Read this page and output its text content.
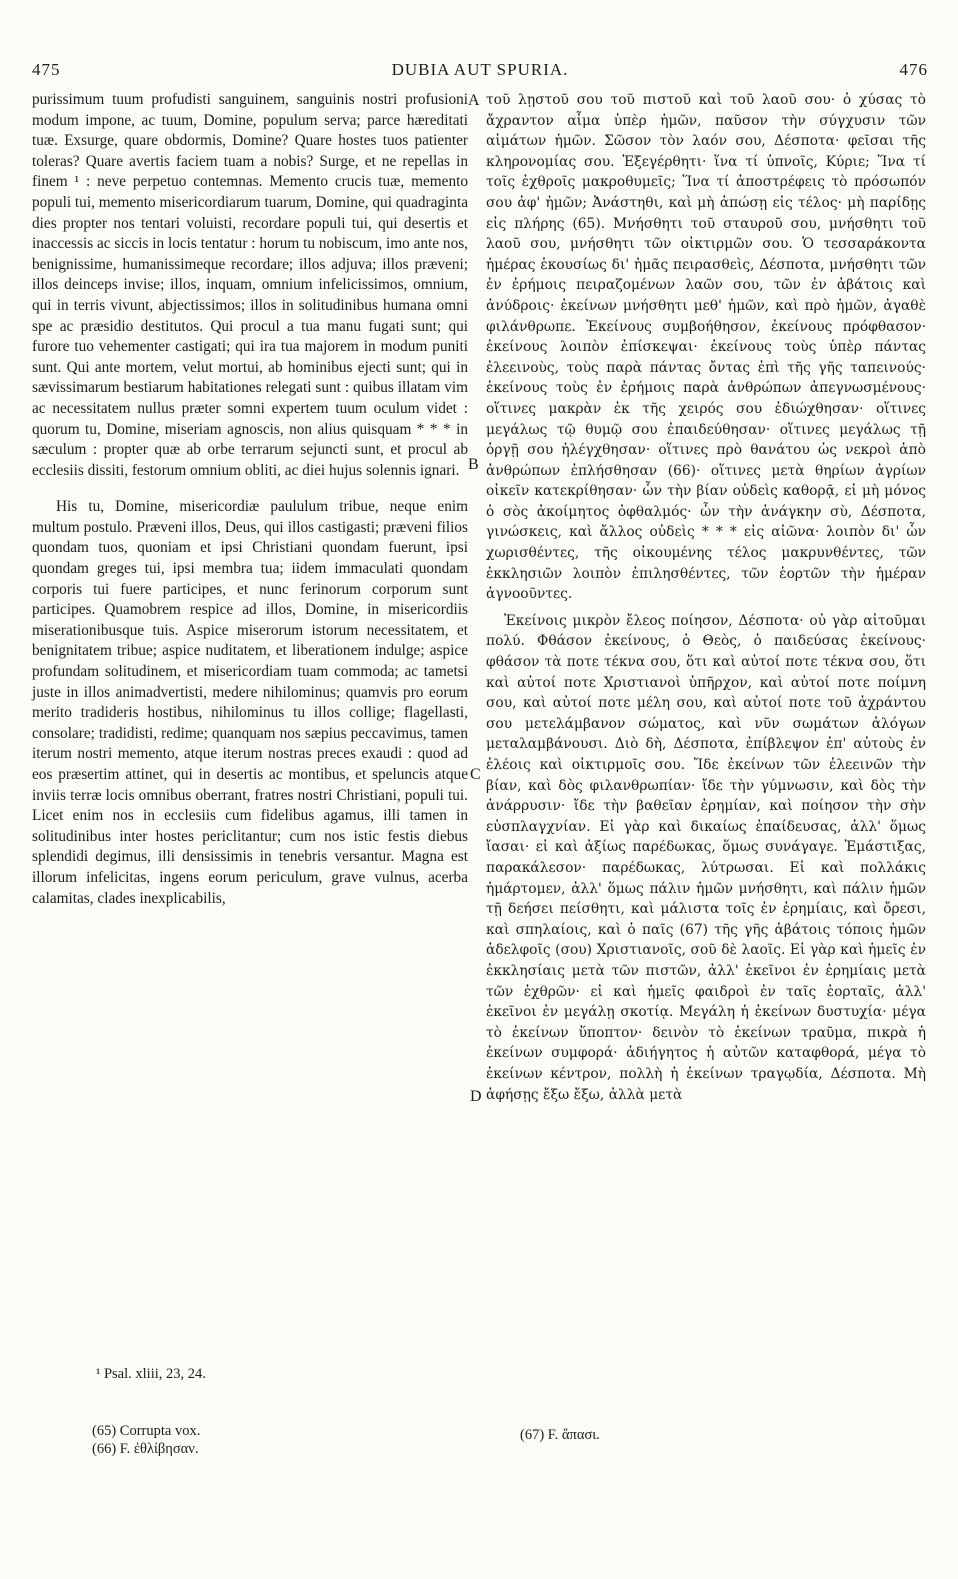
475	DUBIA AUT SPURIA.	476

purissimum tuum profudisti sanguinem, sanguinis nostri profusioni modum impone, ac tuum, Domine, populum serva; parce hæreditati tuæ. Exsurge, quare obdormis, Domine? Quare hostes tuos patienter toleras? Quare avertis faciem tuam a nobis? Surge, et ne repellas in finem ¹ : neve perpetuo contemnas. Memento crucis tuæ, memento populi tui, memento misericordiarum tuarum, Domine, qui quadraginta dies propter nos tentari voluisti, recordare populi tui, qui desertis et inaccessis ac siccis in locis tentatur : horum tu nobiscum, imo ante nos, benignissime, humanissimeque recordare; illos adjuva; illos præveni; illos deinceps invise; illos, inquam, omnium infelicissimos, omnium, qui in terris vivunt, abjectissimos; illos in solitudinibus humana omni spe ac præsidio destitutos. Qui procul a tua manu fugati sunt; qui furore tuo vehementer castigati; qui ira tua majorem in modum puniti sunt. Qui ante mortem, velut mortui, ab hominibus ejecti sunt; qui in sævissimarum bestiarum habitationes relegati sunt : quibus illatam vim ac necessitatem nullus præter somni expertem tuum oculum videt : quorum tu, Domine, miseriam agnoscis, non alius quisquam * * * in sæculum : propter quæ ab orbe terrarum sejuncti sunt, et procul ab ecclesiis dissiti, festorum omnium obliti, ac diei hujus solennis ignari.

His tu, Domine, misericordiæ paululum tribue, neque enim multum postulo. Præveni illos, Deus, qui illos castigasti; præveni filios quondam tuos, quoniam et ipsi Christiani quondam fuerunt, ipsi quondam greges tui, ipsi membra tua; iidem immaculati quondam corporis tui fuere participes, et nunc ferinorum corporum sunt participes. Quamobrem respice ad illos, Domine, in misericordiis miserationibusque tuis. Aspice miserorum istorum necessitatem, et benignitatem tribue; aspice nuditatem, et liberationem indulge; aspice profundam solitudinem, et misericordiam tuam commoda; ac tametsi juste in illos animadvertisti, medere nihilominus; quamvis pro eorum merito tradideris hostibus, nihilominus tu illos collige; flagellasti, consolare; tradidisti, redime; quanquam nos sæpius peccavimus, tamen iterum nostri memento, atque iterum nostras preces exaudi : quod ad eos præsertim attinet, qui in desertis ac montibus, et speluncis atque inviis terræ locis omnibus oberrant, fratres nostri Christiani, populi tui. Licet enim nos in ecclesiis cum fidelibus agamus, illi tamen in solitudinibus inter hostes periclitantur; cum nos istic festis diebus splendidi degimus, illi densissimis in tenebris versantur. Magna est illorum infelicitas, ingens eorum periculum, grave vulnus, acerba calamitas, clades inexplicabilis,

A
B
C
D

τοῦ λῃστοῦ σου τοῦ πιστοῦ καὶ τοῦ λαοῦ σου· ὁ χύσας τὸ ἄχραντον αἷμα ὑπὲρ ἡμῶν, παῦσον τὴν σύγχυσιν τῶν αἱμάτων ἡμῶν. Σῶσον τὸν λαόν σου, Δέσποτα· φεῖσαι τῆς κληρονομίας σου. Ἐξεγέρθητι· ἵνα τί ὑπνοῖς, Κύριε; Ἵνα τί τοῖς ἐχθροῖς μακροθυμεῖς; Ἵνα τί ἀποστρέφεις τὸ πρόσωπόν σου ἀφ' ἡμῶν; Ἀνάστηθι, καὶ μὴ ἀπώσῃ εἰς τέλος· μὴ παρίδῃς εἰς πλήρης (65). Μνήσθητι τοῦ σταυροῦ σου, μνήσθητι τοῦ λαοῦ σου, μνήσθητι τῶν οἰκτιρμῶν σου. Ὁ τεσσαράκοντα ἡμέρας ἑκουσίως δι' ἡμᾶς πειρασθεὶς, Δέσποτα, μνήσθητι τῶν ἐν ἐρήμοις πειραζομένων λαῶν σου, τῶν ἐν ἀβάτοις καὶ ἀνύδροις· ἐκείνων μνήσθητι μεθ' ἡμῶν, καὶ πρὸ ἡμῶν, ἀγαθὲ φιλάνθρωπε. Ἐκείνους συμβοήθησον, ἐκείνους πρόφθασον· ἐκείνους λοιπὸν ἐπίσκεψαι· ἐκείνους τοὺς ὑπὲρ πάντας ἐλεεινοὺς, τοὺς παρὰ πάντας ὄντας ἐπὶ τῆς γῆς ταπεινούς· ἐκείνους τοὺς ἐν ἐρήμοις παρὰ ἀνθρώπων ἀπεγνωσμένους· οἵτινες μακρὰν ἐκ τῆς χειρός σου ἐδιώχθησαν· οἵτινες μεγάλως τῷ θυμῷ σου ἐπαιδεύθησαν· οἵτινες μεγάλως τῇ ὀργῇ σου ἠλέγχθησαν· οἵτινες πρὸ θανάτου ὡς νεκροὶ ἀπὸ ἀνθρώπων ἐπλήσθησαν (66)· οἵτινες μετὰ θηρίων ἀγρίων οἰκεῖν κατεκρίθησαν· ὧν τὴν βίαν οὐδεὶς καθορᾷ, εἰ μὴ μόνος ὁ σὸς ἀκοίμητος ὀφθαλμός· ὧν τὴν ἀνάγκην σὺ, Δέσποτα, γινώσκεις, καὶ ἄλλος οὐδεὶς * * * εἰς αἰῶνα· λοιπὸν δι' ὧν χωρισθέντες, τῆς οἰκουμένης τέλος μακρυνθέντες, τῶν ἐκκλησιῶν λοιπὸν ἐπιλησθέντες, τῶν ἑορτῶν τὴν ἡμέραν ἀγνοοῦντες.

Ἐκείνοις μικρὸν ἔλεος ποίησον, Δέσποτα· οὐ γὰρ αἰτοῦμαι πολύ. Φθάσον ἐκείνους, ὁ Θεὸς, ὁ παιδεύσας ἐκείνους· φθάσον τὰ ποτε τέκνα σου, ὅτι καὶ αὐτοί ποτε τέκνα σου, ὅτι καὶ αὐτοί ποτε Χριστιανοὶ ὑπῆρχον, καὶ αὐτοί ποτε ποίμνη σου, καὶ αὐτοί ποτε μέλη σου, καὶ αὐτοί ποτε τοῦ ἀχράντου σου μετελάμβανον σώματος, καὶ νῦν σωμάτων ἀλόγων μεταλαμβάνουσι. Διὸ δὴ, Δέσποτα, ἐπίβλεψον ἐπ' αὐτοὺς ἐν ἐλέοις καὶ οἰκτιρμοῖς σου. Ἴδε ἐκείνων τῶν ἐλεεινῶν τὴν βίαν, καὶ δὸς φιλανθρωπίαν· ἴδε τὴν γύμνωσιν, καὶ δὸς τὴν ἀνάρρυσιν· ἴδε τὴν βαθεῖαν ἐρημίαν, καὶ ποίησον τὴν σὴν εὐσπλαγχνίαν. Εἰ γὰρ καὶ δικαίως ἐπαίδευσας, ἀλλ' ὅμως ἴασαι· εἰ καὶ ἀξίως παρέδωκας, ὅμως συνάγαγε. Ἐμάστιξας, παρακάλεσον· παρέδωκας, λύτρωσαι. Εἰ καὶ πολλάκις ἡμάρτομεν, ἀλλ' ὅμως πάλιν ἡμῶν μνήσθητι, καὶ πάλιν ἡμῶν τῇ δεήσει πείσθητι, καὶ μάλιστα τοῖς ἐν ἐρημίαις, καὶ ὄρεσι, καὶ σπηλαίοις, καὶ ὁ παῖς (67) τῆς γῆς ἀβάτοις τόποις ἡμῶν ἀδελφοῖς (σου) Χριστιανοῖς, σοῦ δὲ λαοῖς. Εἰ γὰρ καὶ ἡμεῖς ἐν ἐκκλησίαις μετὰ τῶν πιστῶν, ἀλλ' ἐκεῖνοι ἐν ἐρημίαις μετὰ τῶν ἐχθρῶν· εἰ καὶ ἡμεῖς φαιδροὶ ἐν ταῖς ἑορταῖς, ἀλλ' ἐκεῖνοι ἐν μεγάλῃ σκοτίᾳ. Μεγάλη ἡ ἐκείνων δυστυχία· μέγα τὸ ἐκείνων ὕποπτον· δεινὸν τὸ ἐκείνων τραῦμα, πικρὰ ἡ ἐκείνων συμφορά· ἀδιήγητος ἡ αὐτῶν καταφθορά, μέγα τὸ ἐκείνων κέντρον, πολλὴ ἡ ἐκείνων τραγῳδία, Δέσποτα. Μὴ ἀφήσῃς ἔξω ἔξω, ἀλλὰ μετὰ

¹ Psal. xliii, 23, 24.
(65) Corrupta vox.
(66) F. ἐθλίβησαν.
(67) F. ἅπασι.
